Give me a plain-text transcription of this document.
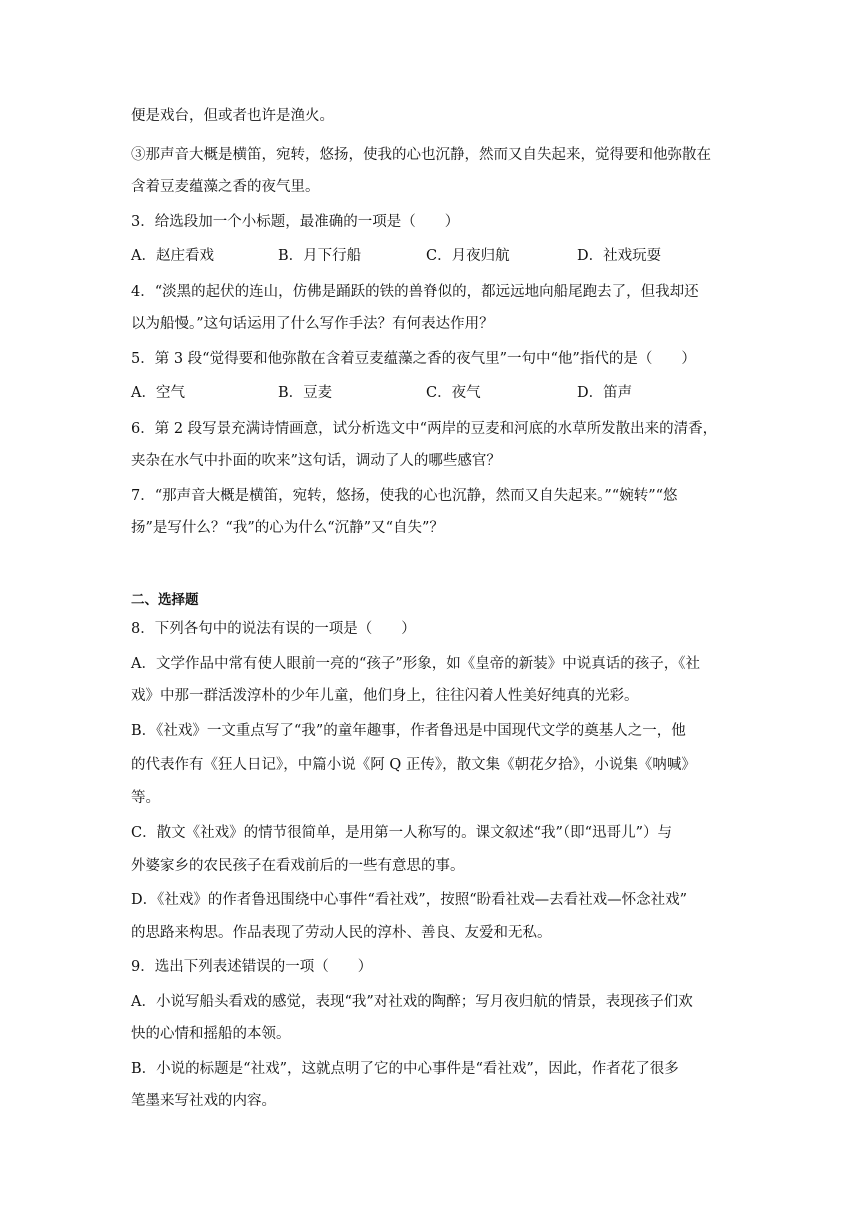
便是戏台，但或者也许是渔火。
③那声音大概是横笛，宛转，悠扬，使我的心也沉静，然而又自失起来，觉得要和他弥散在
含着豆麦蕴藻之香的夜气里。
3．给选段加一个小标题，最准确的一项是（　　）
A．赵庄看戏	B．月下行船	C．月夜归航	D．社戏玩耍
4．“淡黑的起伏的连山，仿佛是踊跃的铁的兽脊似的，都远远地向船尾跑去了，但我却还
以为船慢。”这句话运用了什么写作手法？有何表达作用？
5．第 3 段“觉得要和他弥散在含着豆麦蕴藻之香的夜气里”一句中“他”指代的是（　　）
A．空气	B．豆麦	C．夜气	D．笛声
6．第 2 段写景充满诗情画意，试分析选文中“两岸的豆麦和河底的水草所发散出来的清香，
夹杂在水气中扑面的吹来”这句话，调动了人的哪些感官？
7．“那声音大概是横笛，宛转，悠扬，使我的心也沉静，然而又自失起来。”“婉转”“悠
扬”是写什么？“我”的心为什么“沉静”又“自失”？
二、选择题
8．下列各句中的说法有误的一项是（　　）
A．文学作品中常有使人眼前一亮的“孩子”形象，如《皇帝的新装》中说真话的孩子，《社
戏》中那一群活泼淳朴的少年儿童，他们身上，往往闪着人性美好纯真的光彩。
B．《社戏》一文重点写了“我”的童年趣事，作者鲁迅是中国现代文学的奠基人之一，他
的代表作有《狂人日记》，中篇小说《阿 Q 正传》，散文集《朝花夕拾》，小说集《呐喊》
等。
C．散文《社戏》的情节很简单，是用第一人称写的。课文叙述“我”（即“迅哥儿”）与
外婆家乡的农民孩子在看戏前后的一些有意思的事。
D．《社戏》的作者鲁迅围绕中心事件“看社戏”，按照“盼看社戏—去看社戏—怀念社戏”
的思路来构思。作品表现了劳动人民的淳朴、善良、友爱和无私。
9．选出下列表述错误的一项（　　）
A．小说写船头看戏的感觉，表现“我”对社戏的陶醉；写月夜归航的情景，表现孩子们欢
快的心情和摇船的本领。
B．小说的标题是“社戏”，这就点明了它的中心事件是“看社戏”，因此，作者花了很多
笔墨来写社戏的内容。
